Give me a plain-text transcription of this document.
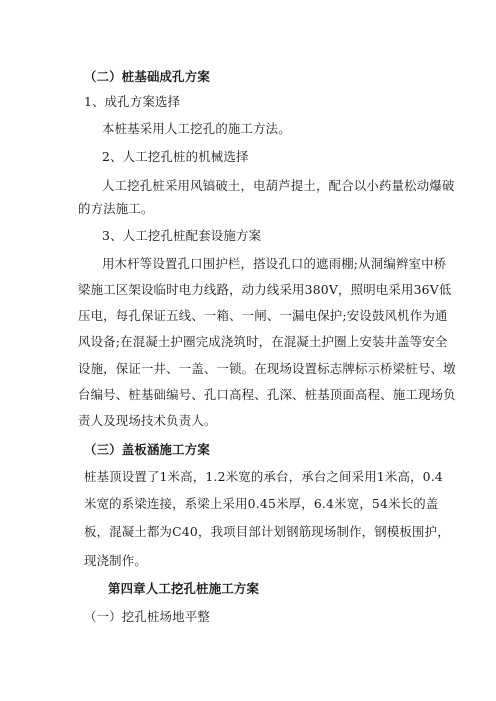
（二）桩基础成孔方案
1、成孔方案选择
本桩基采用人工挖孔的施工方法。
2、人工挖孔桩的机械选择
人工挖孔桩采用风镐破土，电葫芦提土，配合以小药量松动爆破
的方法施工。
3、人工挖孔桩配套设施方案
用木杆等设置孔口围护栏，搭设孔口的遮雨棚;从洞编辫室中桥
梁施工区架设临时电力线路，动力线采用380V，照明电采用36V低
压电，每孔保证五线、一箱、一闸、一漏电保护;安设鼓风机作为通
风设备;在混凝土护圈完成浇筑时，在混凝土护圈上安装井盖等安全
设施，保证一井、一盖、一锁。在现场设置标志牌标示桥梁桩号、墩
台编号、桩基础编号、孔口高程、孔深、桩基顶面高程、施工现场负
责人及现场技术负责人。
（三）盖板涵施工方案
桩基顶设置了1米高，1.2米宽的承台，承台之间采用1米高，0.4
米宽的系梁连接，系梁上采用0.45米厚，6.4米宽，54米长的盖
板，混凝土都为C40，我项目部计划钢筋现场制作，钢模板围护，
现浇制作。
第四章人工挖孔桩施工方案
（一）挖孔桩场地平整
